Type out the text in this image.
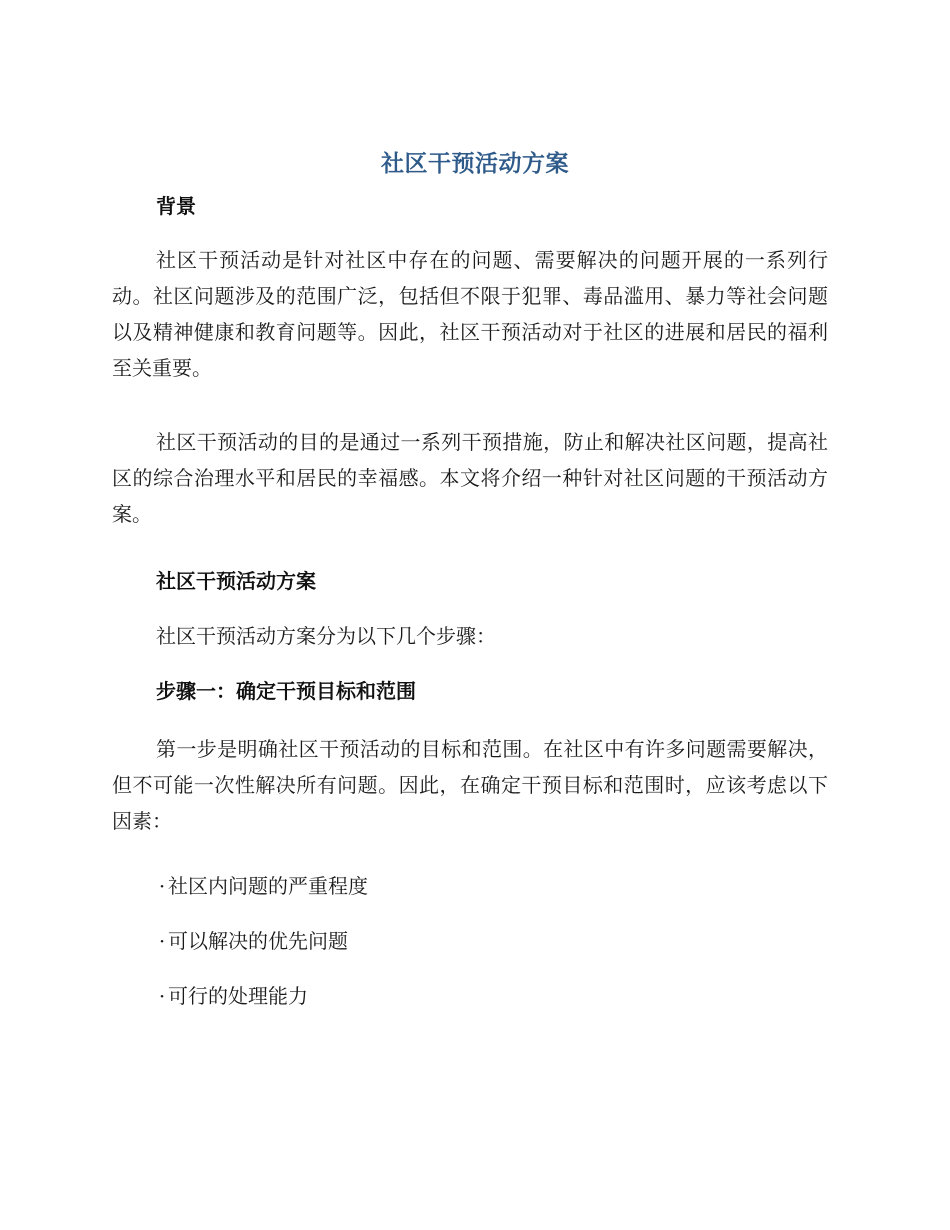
社区干预活动方案
背景
社区干预活动是针对社区中存在的问题、需要解决的问题开展的一系列行动。社区问题涉及的范围广泛，包括但不限于犯罪、毒品滥用、暴力等社会问题以及精神健康和教育问题等。因此，社区干预活动对于社区的进展和居民的福利至关重要。
社区干预活动的目的是通过一系列干预措施，防止和解决社区问题，提高社区的综合治理水平和居民的幸福感。本文将介绍一种针对社区问题的干预活动方案。
社区干预活动方案
社区干预活动方案分为以下几个步骤：
步骤一：确定干预目标和范围
第一步是明确社区干预活动的目标和范围。在社区中有许多问题需要解决，但不可能一次性解决所有问题。因此，在确定干预目标和范围时，应该考虑以下因素：
· 社区内问题的严重程度
· 可以解决的优先问题
· 可行的处理能力
